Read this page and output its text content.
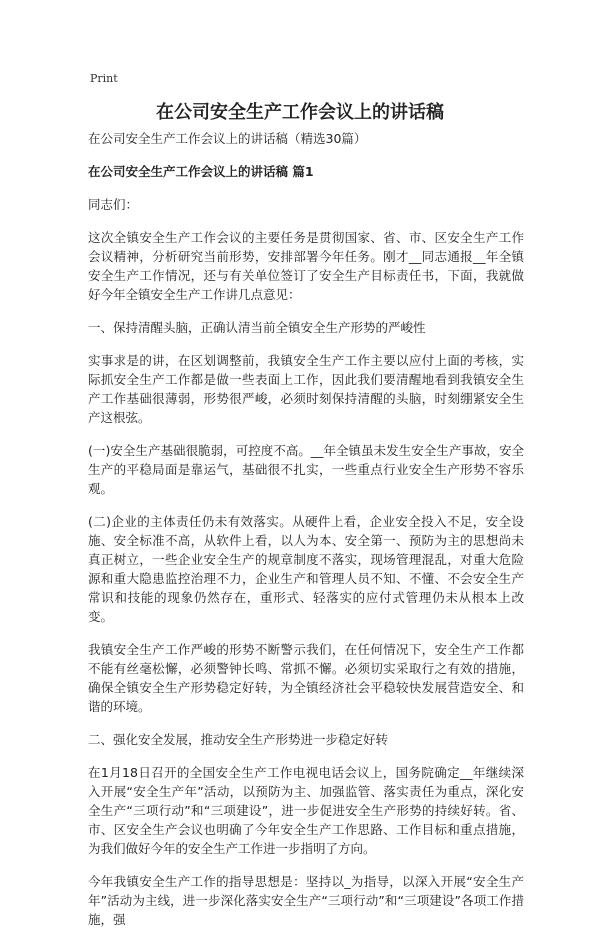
Print
在公司安全生产工作会议上的讲话稿

在公司安全生产工作会议上的讲话稿（精选30篇）

在公司安全生产工作会议上的讲话稿 篇1

同志们：

这次全镇安全生产工作会议的主要任务是贯彻国家、省、市、区安全生产工作会议精神，分析研究当前形势，安排部署今年任务。刚才__同志通报__年全镇安全生产工作情况，还与有关单位签订了安全生产目标责任书，下面，我就做好今年全镇安全生产工作讲几点意见：

一、保持清醒头脑，正确认清当前全镇安全生产形势的严峻性

实事求是的讲，在区划调整前，我镇安全生产工作主要以应付上面的考核，实际抓安全生产工作都是做一些表面上工作，因此我们要清醒地看到我镇安全生产工作基础很薄弱，形势很严峻，必须时刻保持清醒的头脑，时刻绷紧安全生产这根弦。

(一)安全生产基础很脆弱，可控度不高。__年全镇虽未发生安全生产事故，安全生产的平稳局面是靠运气，基础很不扎实，一些重点行业安全生产形势不容乐观。

(二)企业的主体责任仍未有效落实。从硬件上看，企业安全投入不足，安全设施、安全标准不高，从软件上看，以人为本、安全第一、预防为主的思想尚未真正树立，一些企业安全生产的规章制度不落实，现场管理混乱，对重大危险源和重大隐患监控治理不力，企业生产和管理人员不知、不懂、不会安全生产常识和技能的现象仍然存在，重形式、轻落实的应付式管理仍未从根本上改变。

我镇安全生产工作严峻的形势不断警示我们，在任何情况下，安全生产工作都不能有丝毫松懈，必须警钟长鸣、常抓不懈。必须切实采取行之有效的措施，确保全镇安全生产形势稳定好转，为全镇经济社会平稳较快发展营造安全、和谐的环境。

二、强化安全发展，推动安全生产形势进一步稳定好转

在1月18日召开的全国安全生产工作电视电话会议上，国务院确定__年继续深入开展“安全生产年”活动，以预防为主、加强监管、落实责任为重点，深化安全生产“三项行动”和“三项建设”，进一步促进安全生产形势的持续好转。省、市、区安全生产会议也明确了今年安全生产工作思路、工作目标和重点措施，为我们做好今年的安全生产工作进一步指明了方向。

今年我镇安全生产工作的指导思想是：坚持以_为指导，以深入开展“安全生产年”活动为主线，进一步深化落实安全生产“三项行动”和“三项建设”各项工作措施，强
